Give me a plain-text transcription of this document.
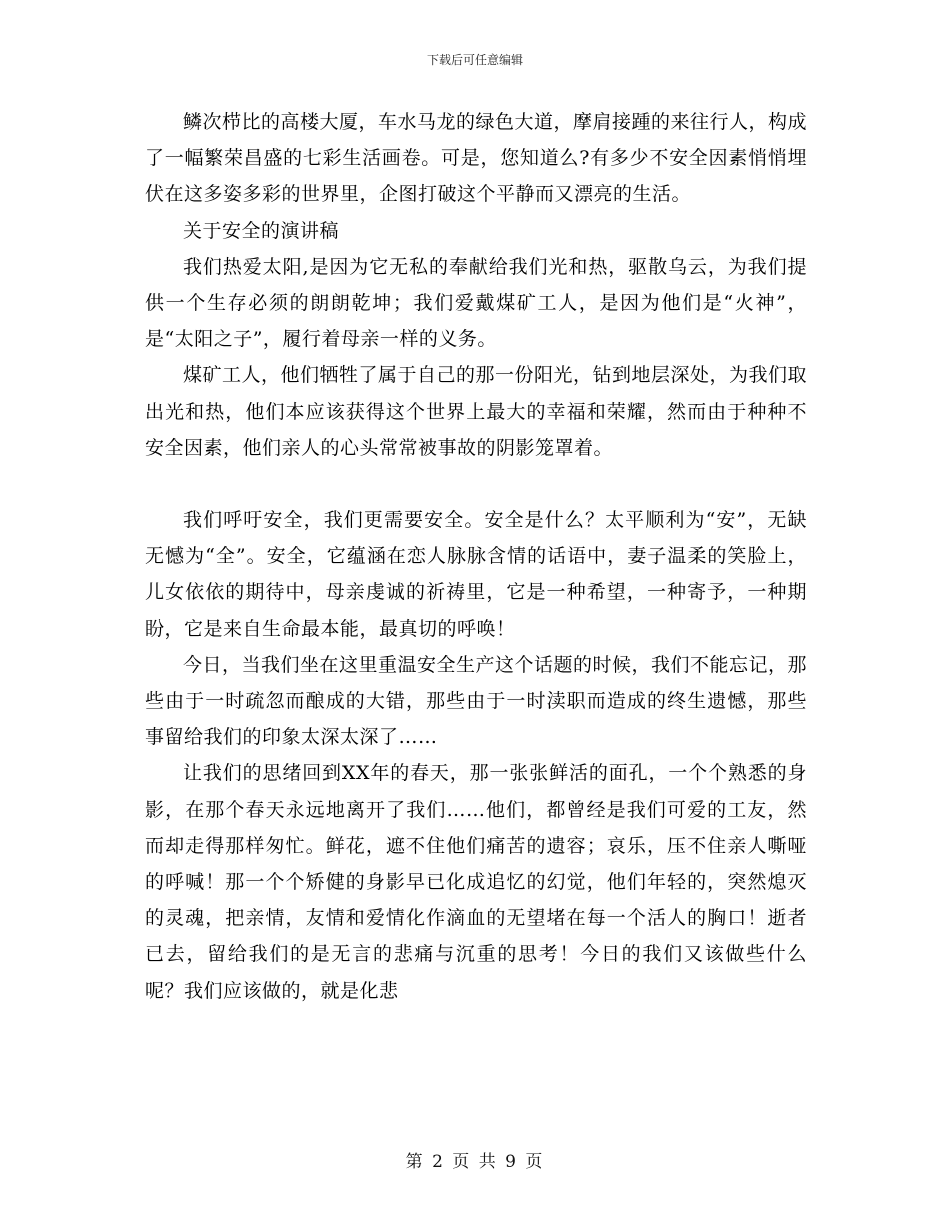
下载后可任意编辑

鳞次栉比的高楼大厦，车水马龙的绿色大道，摩肩接踵的来往行人，构成了一幅繁荣昌盛的七彩生活画卷。可是，您知道么?有多少不安全因素悄悄埋伏在这多姿多彩的世界里，企图打破这个平静而又漂亮的生活。

关于安全的演讲稿

我们热爱太阳,是因为它无私的奉献给我们光和热，驱散乌云，为我们提供一个生存必须的朗朗乾坤；我们爱戴煤矿工人，是因为他们是“火神”，是“太阳之子”，履行着母亲一样的义务。

煤矿工人，他们牺牲了属于自己的那一份阳光，钻到地层深处，为我们取出光和热，他们本应该获得这个世界上最大的幸福和荣耀，然而由于种种不安全因素，他们亲人的心头常常被事故的阴影笼罩着。

我们呼吁安全，我们更需要安全。安全是什么？太平顺利为“安”，无缺无憾为“全”。安全，它蕴涵在恋人脉脉含情的话语中，妻子温柔的笑脸上，儿女依依的期待中，母亲虔诚的祈祷里，它是一种希望，一种寄予，一种期盼，它是来自生命最本能，最真切的呼唤！

今日，当我们坐在这里重温安全生产这个话题的时候，我们不能忘记，那些由于一时疏忽而酿成的大错，那些由于一时渎职而造成的终生遗憾，那些事留给我们的印象太深太深了……

让我们的思绪回到XX年的春天，那一张张鲜活的面孔，一个个熟悉的身影，在那个春天永远地离开了我们……他们，都曾经是我们可爱的工友，然而却走得那样匆忙。鲜花，遮不住他们痛苦的遗容；哀乐，压不住亲人嘶哑的呼喊！那一个个矫健的身影早已化成追忆的幻觉，他们年轻的，突然熄灭的灵魂，把亲情，友情和爱情化作滴血的无望堵在每一个活人的胸口！逝者已去，留给我们的是无言的悲痛与沉重的思考！今日的我们又该做些什么呢？我们应该做的，就是化悲

第 2 页 共 9 页
